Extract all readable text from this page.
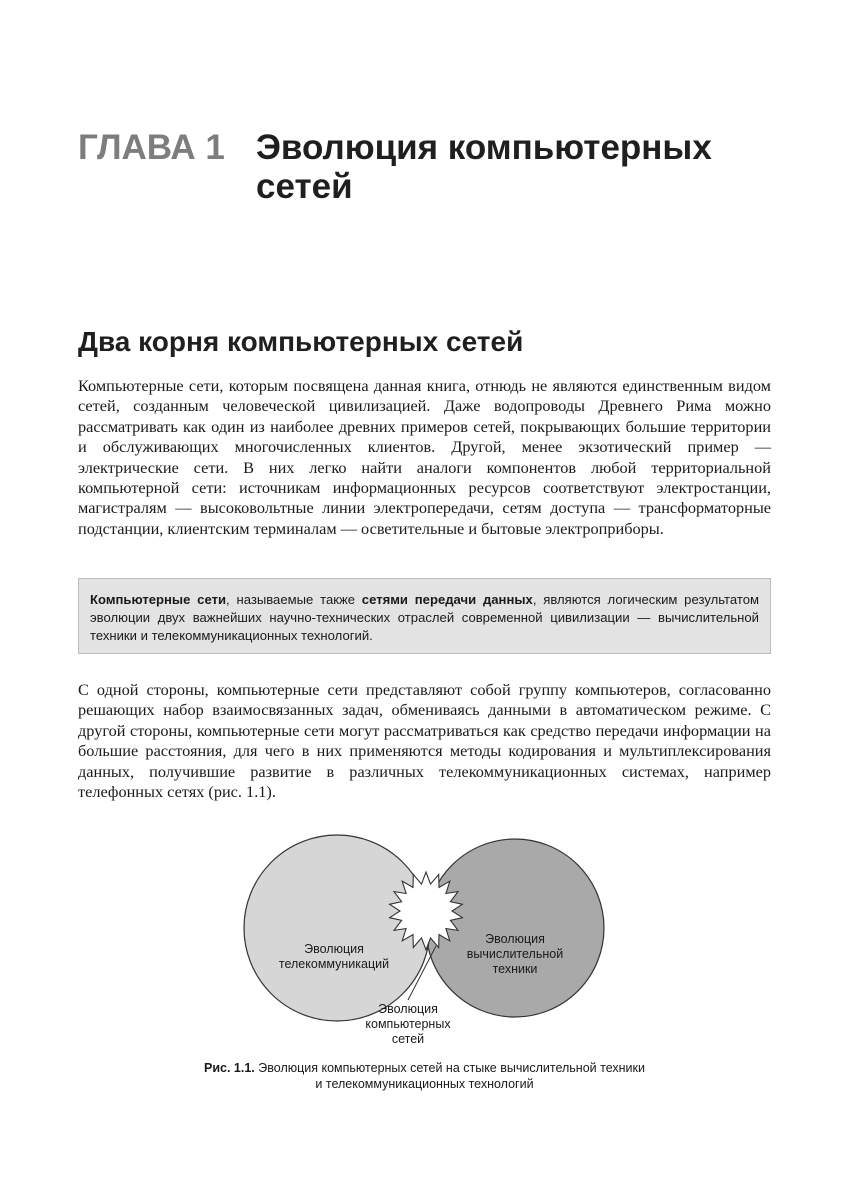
ГЛАВА 1 Эволюция компьютерных сетей
Два корня компьютерных сетей

Компьютерные сети, которым посвящена данная книга, отнюдь не являются единственным видом сетей, созданным человеческой цивилизацией. Даже водопроводы Древнего Рима можно рассматривать как один из наиболее древних примеров сетей, покрывающих большие территории и обслуживающих многочисленных клиентов. Другой, менее экзотический пример — электрические сети. В них легко найти аналоги компонентов любой территориальной компьютерной сети: источникам информационных ресурсов соответствуют электростанции, магистралям — высоковольтные линии электропередачи, сетям доступа — трансформаторные подстанции, клиентским терминалам — осветительные и бытовые электроприборы.

Компьютерные сети, называемые также сетями передачи данных, являются логическим результатом эволюции двух важнейших научно-технических отраслей современной цивилизации — вычислительной техники и телекоммуникационных технологий.

С одной стороны, компьютерные сети представляют собой группу компьютеров, согласованно решающих набор взаимосвязанных задач, обмениваясь данными в автоматическом режиме. С другой стороны, компьютерные сети могут рассматриваться как средство передачи информации на большие расстояния, для чего в них применяются методы кодирования и мультиплексирования данных, получившие развитие в различных телекоммуникационных системах, например телефонных сетях (рис. 1.1).

Эволюция
телекоммуникаций
Эволюция
вычислительной
техники
Эволюция
компьютерных
сетей
Рис. 1.1. Эволюция компьютерных сетей на стыке вычислительной техники
и телекоммуникационных технологий
